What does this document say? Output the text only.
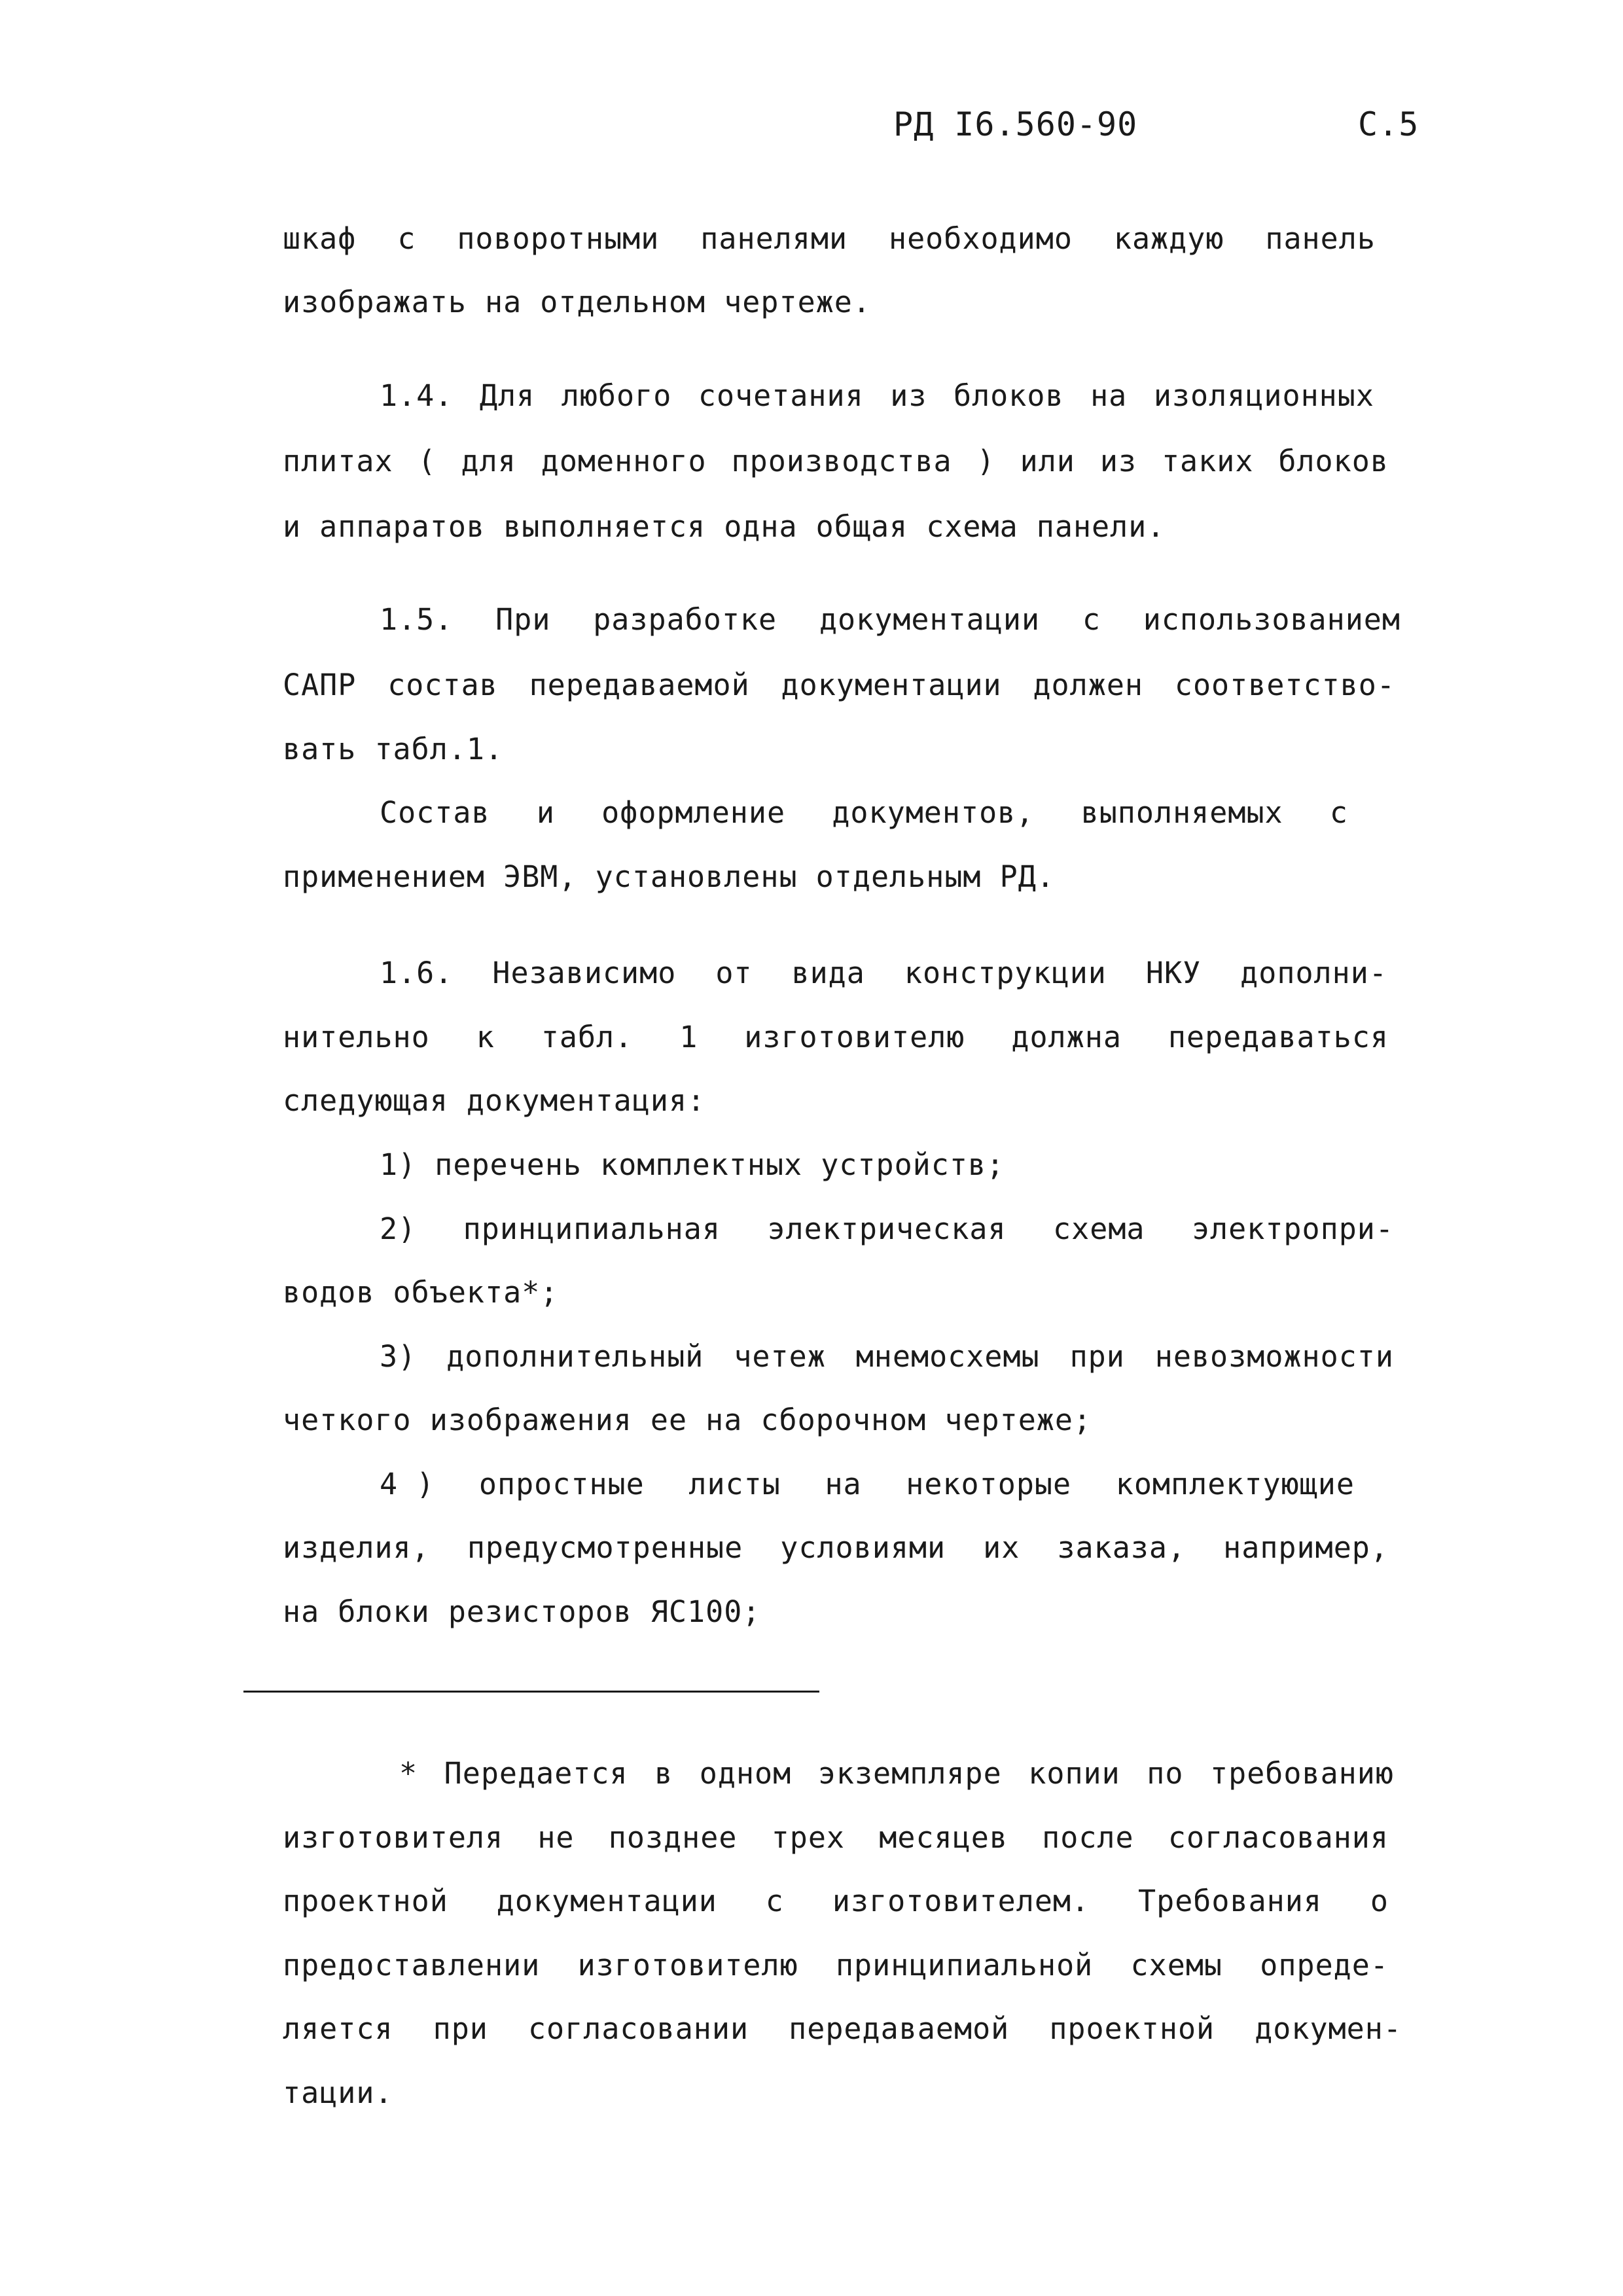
РД I6.560-90	С.5
шкаф с поворотными панелями необходимо каждую панель
изображать на отдельном чертеже.
1.4. Для любого сочетания из блоков на изоляционных
плитах ( для доменного производства ) или из таких блоков
и аппаратов выполняется одна общая схема панели.
1.5. При разработке документации с использованием
САПР состав передаваемой документации должен соответство-
вать табл.1.
Состав и оформление документов, выполняемых с
применением ЭВМ, установлены отдельным РД.
1.6. Независимо от вида конструкции НКУ дополни-
нительно к табл. 1 изготовителю должна передаваться
следующая документация:
1) перечень комплектных устройств;
2) принципиальная электрическая схема электропри-
водов объекта*;
3) дополнительный четеж мнемосхемы при невозможности
четкого изображения ее на сборочном чертеже;
4 ) опростные листы на некоторые комплектующие
изделия, предусмотренные условиями их заказа, например,
на блоки резисторов ЯС100;
* Передается в одном экземпляре копии по требованию
изготовителя не позднее трех месяцев после согласования
проектной документации с изготовителем. Требования о
предоставлении изготовителю принципиальной схемы опреде-
ляется при согласовании передаваемой проектной докумен-
тации.
